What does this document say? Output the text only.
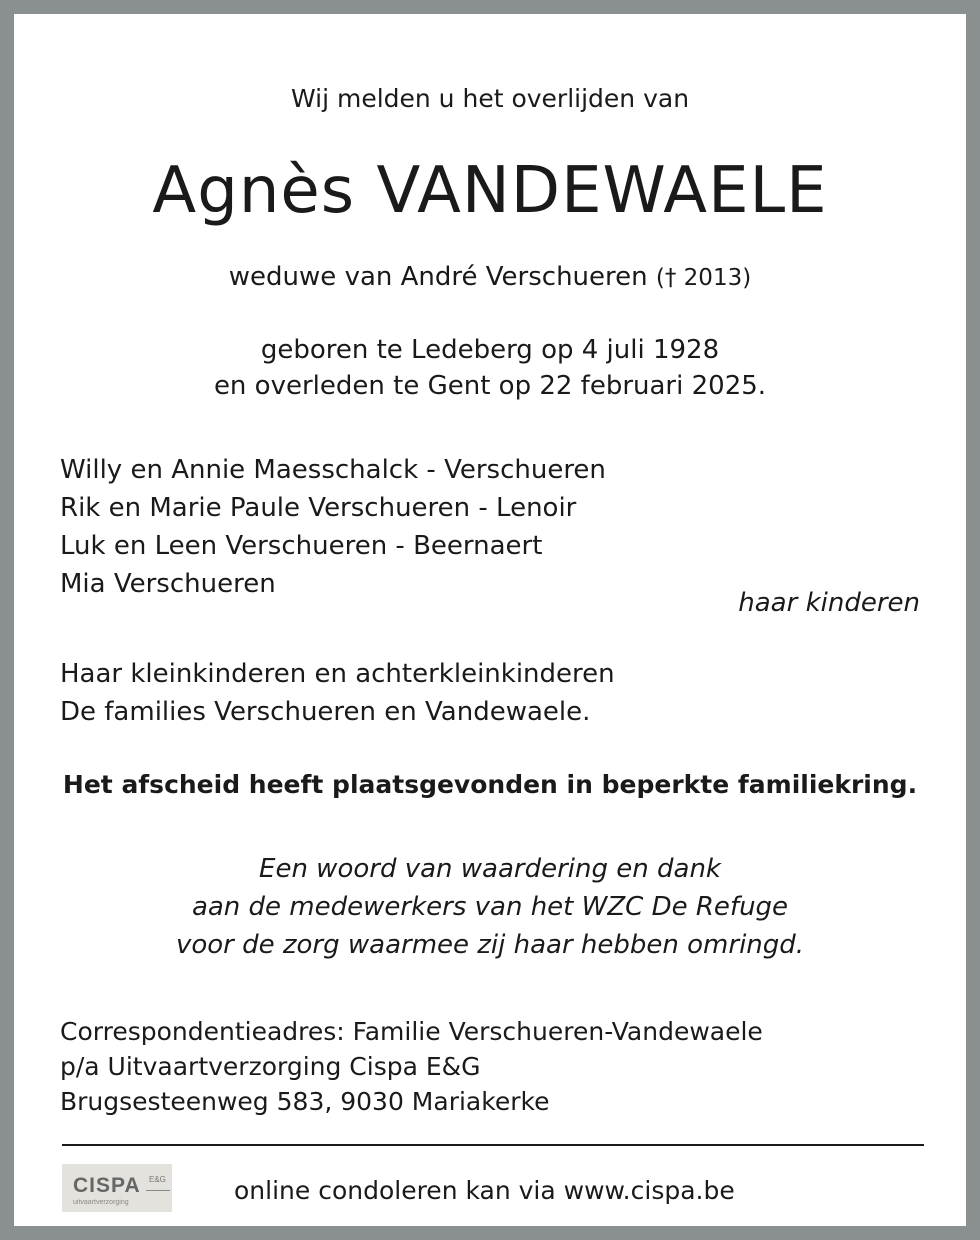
Wij melden u het overlijden van
Agnès VANDEWAELE
weduwe van André Verschueren († 2013)
geboren te Ledeberg op 4 juli 1928
en overleden te Gent op 22 februari 2025.
Willy en Annie Maesschalck - Verschueren
Rik en Marie Paule Verschueren - Lenoir
Luk en Leen Verschueren - Beernaert
Mia Verschueren
haar kinderen
Haar kleinkinderen en achterkleinkinderen
De families Verschueren en Vandewaele.
Het afscheid heeft plaatsgevonden in beperkte familiekring.
Een woord van waardering en dank
aan de medewerkers van het WZC De Refuge
voor de zorg waarmee zij haar hebben omringd.
Correspondentieadres: Familie Verschueren-Vandewaele
p/a Uitvaartverzorging Cispa E&G
Brugsesteenweg 583, 9030 Mariakerke
CISPA E&G
uitvaartverzorging	online condoleren kan via www.cispa.be
